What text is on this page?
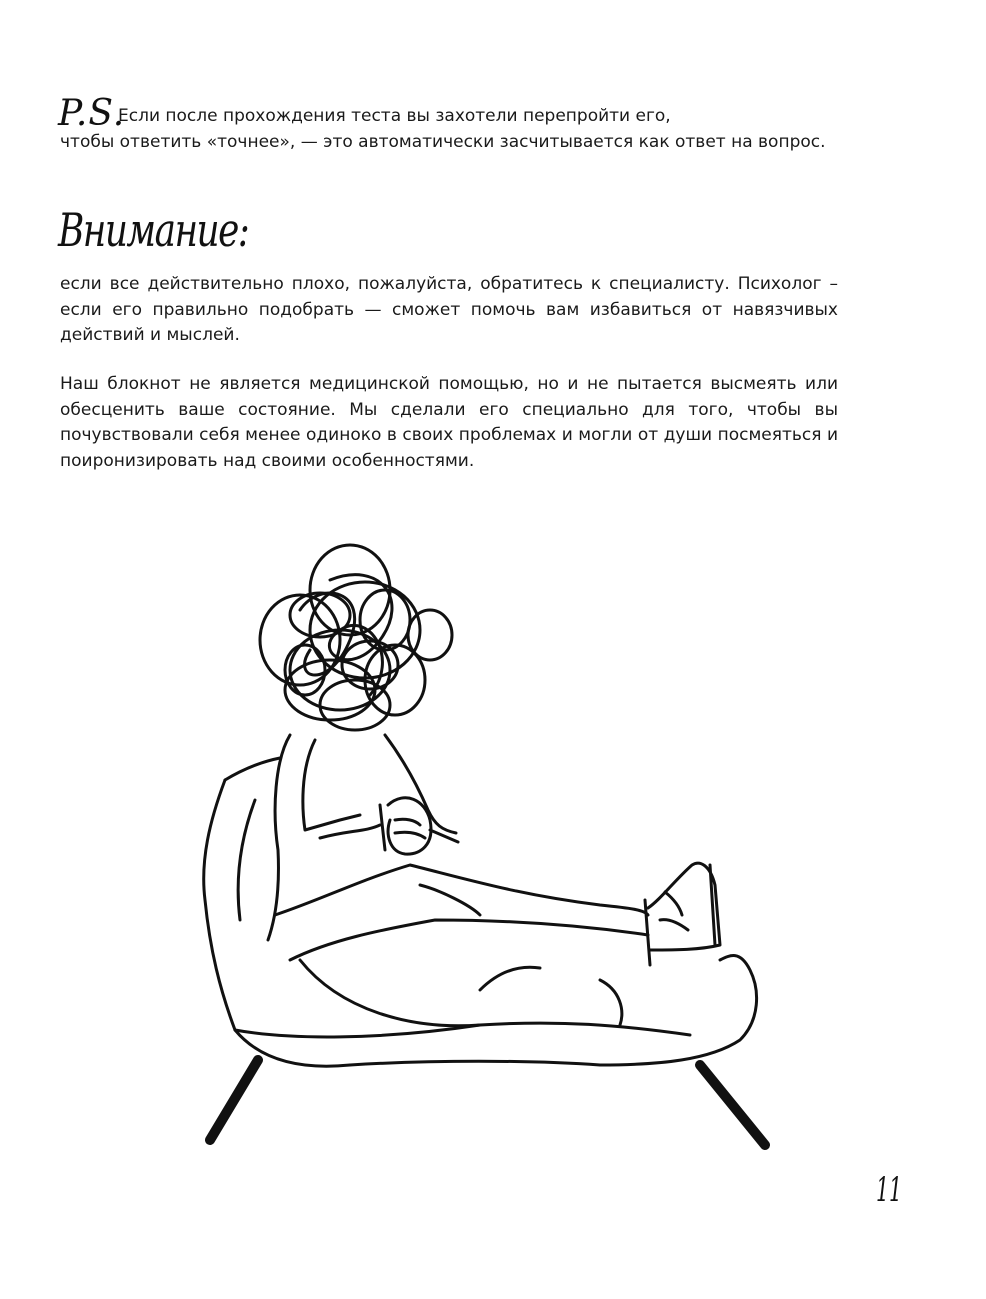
P.S.
Если после прохождения теста вы захотели перепройти его,
чтобы ответить «точнее», — это автоматически засчитывается как ответ на вопрос.
Внимание:

если все действительно плохо, пожалуйста, обратитесь к специалисту. Психолог – если его правильно подобрать — сможет помочь вам избавиться от навязчивых действий и мыслей.

Наш блокнот не является медицинской помощью, но и не пытается высмеять или обесценить ваше состояние. Мы сделали его специально для того, чтобы вы почувствовали себя менее одиноко в своих проблемах и могли от души посмеяться и поиронизировать над своими особенностями.

11
